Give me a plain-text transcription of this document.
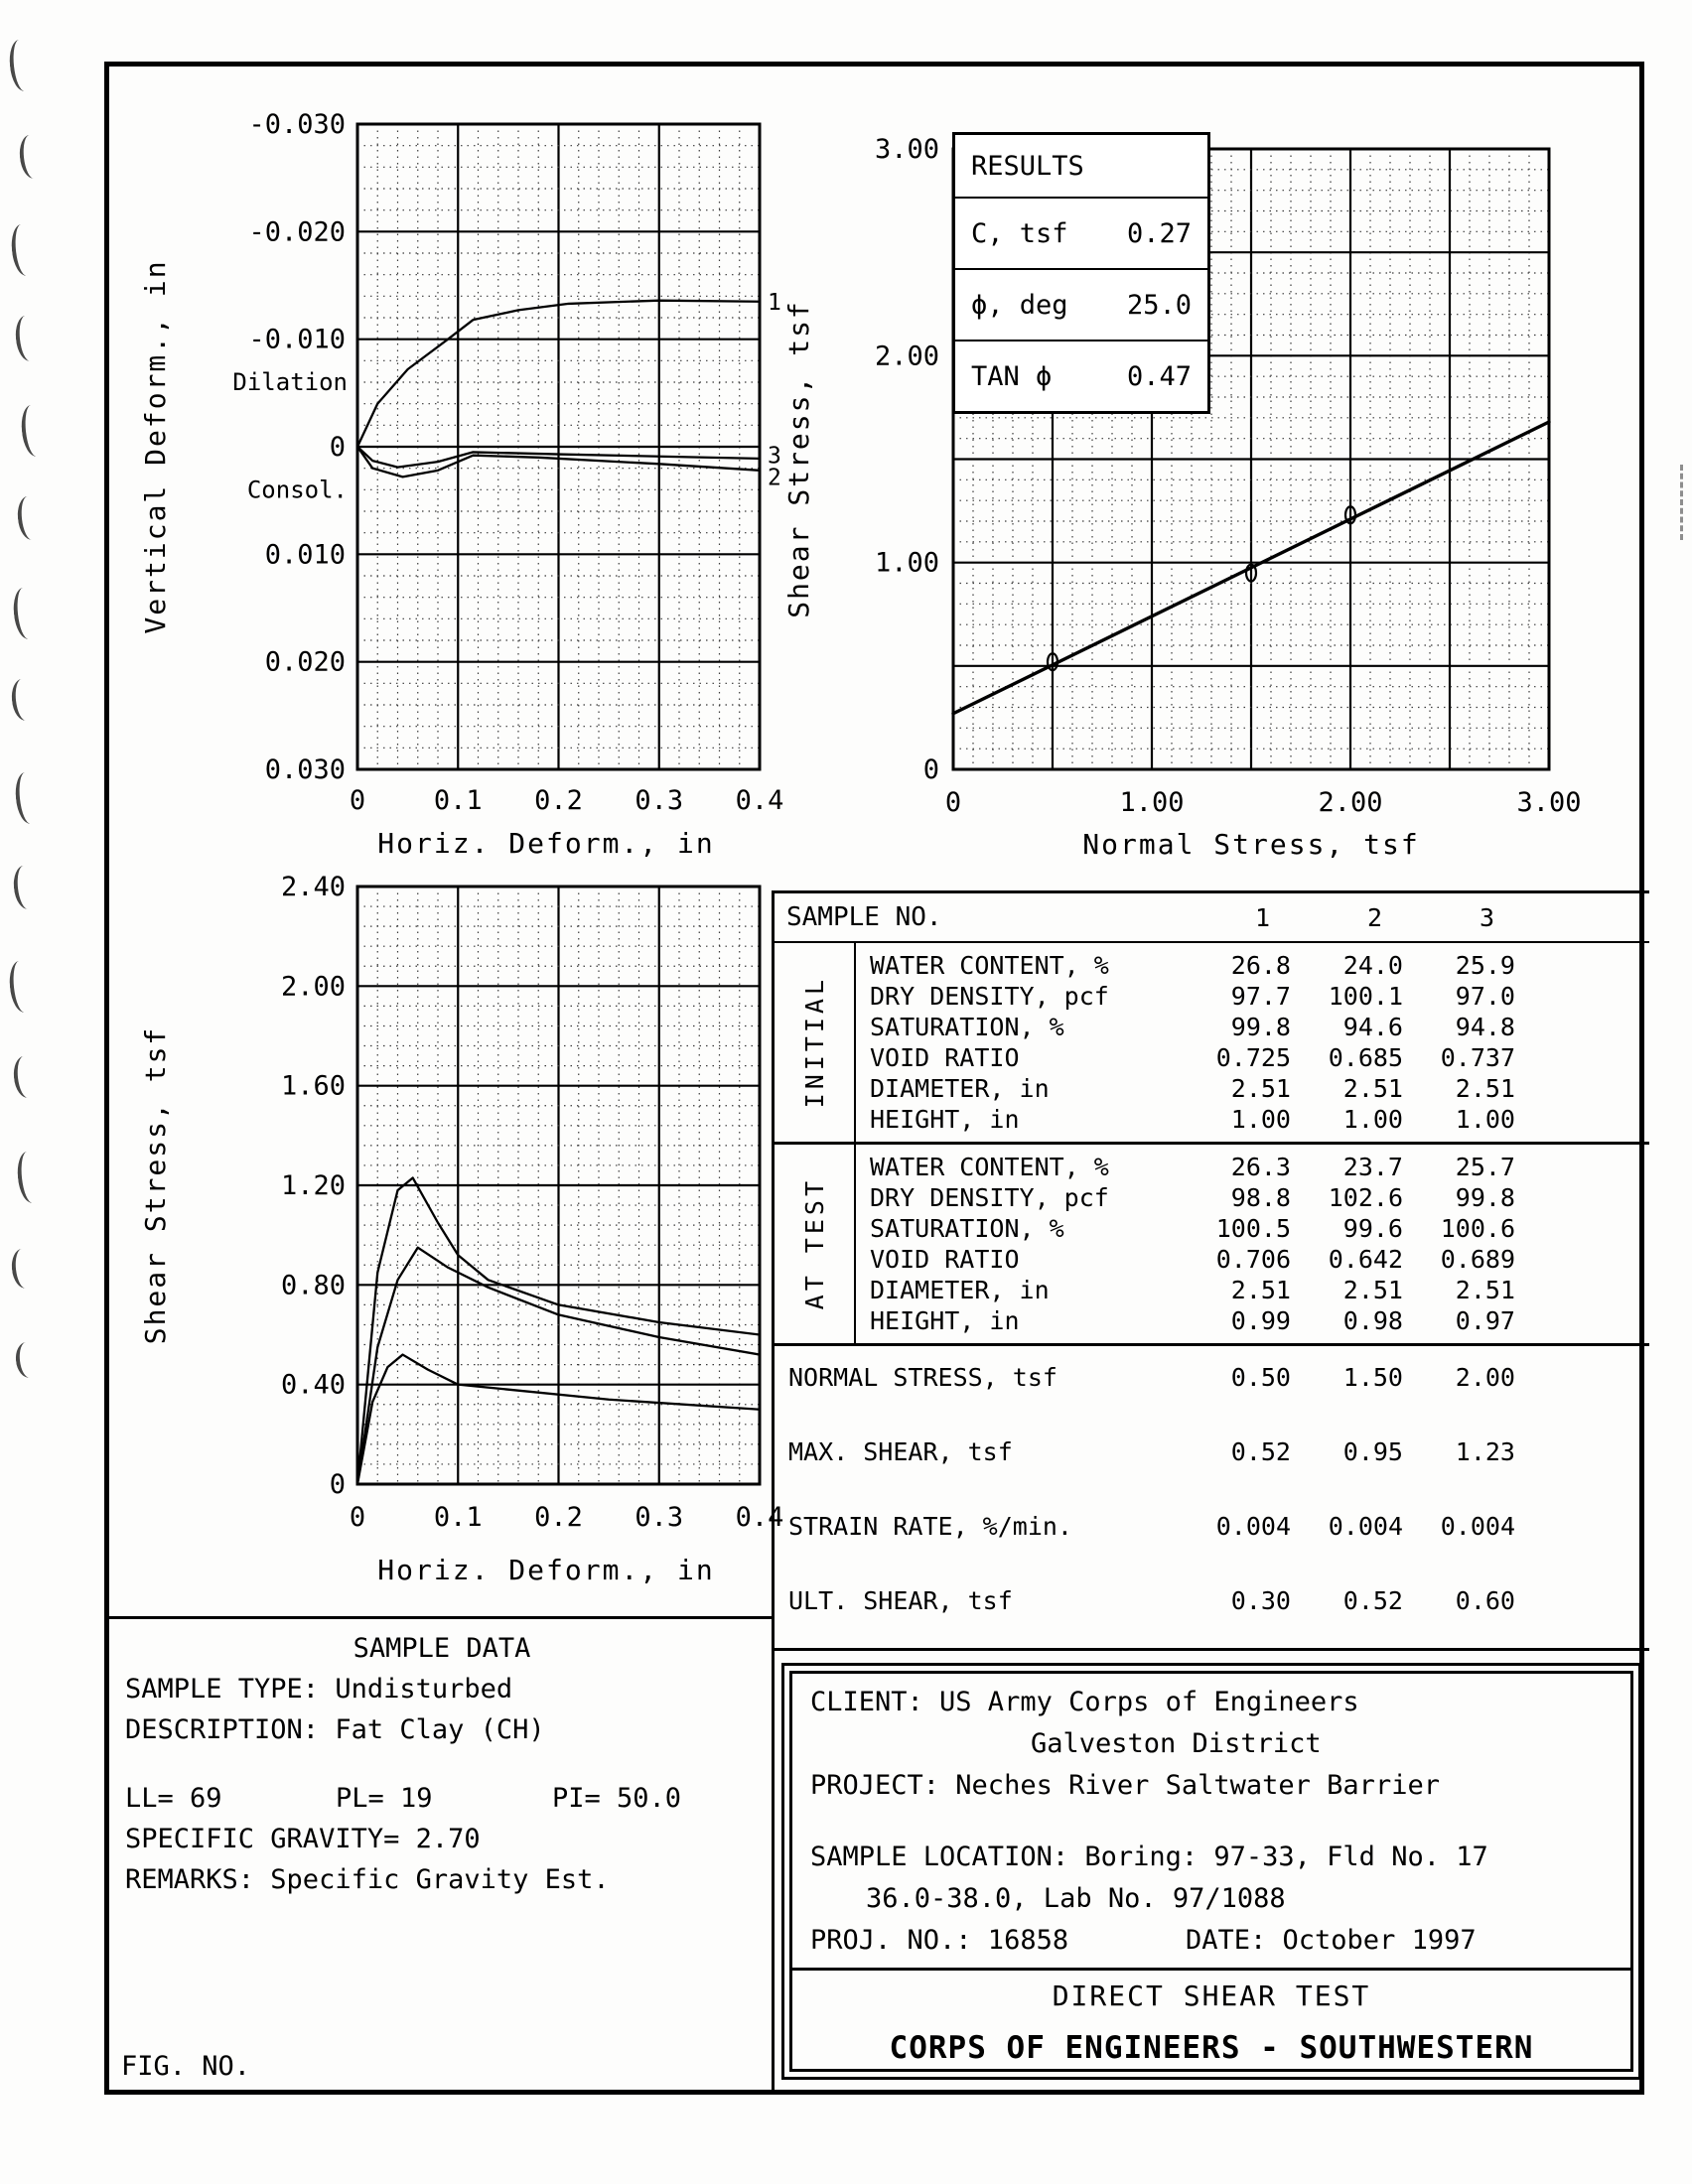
-0.030
-0.020
-0.010
0
0.010
0.020
0.030
0	0.1 0.2 0.3 0.4
Horiz. Deform., in
Vertical Deform., in	Dilation
Consol.
1
2
3
0
1.00
2.00
3.00
0	1.00	2.00	3.00
Normal Stress, tsf
Shear Stress, tsf
RESULTS
C, tsf 0.27
ϕ, deg 25.0
TAN ϕ	0.47
0
0.40
0.80
1.20
1.60
2.00
2.40
0	0.1 0.2 0.3 0.4
Horiz. Deform., in
Shear Stress, tsf
SAMPLE NO.	1	2	3
INITIAL
WATER CONTENT, %	26.8	24.0	25.9
DRY DENSITY, pcf	97.7	100.1	97.0
SATURATION, %	99.8	94.6	94.8
VOID RATIO	0.725	0.685	0.737
DIAMETER, in	2.51	2.51	2.51
HEIGHT, in	1.00	1.00	1.00
AT TEST
WATER CONTENT, %	26.3	23.7	25.7
DRY DENSITY, pcf	98.8	102.6	99.8
SATURATION, %	100.5	99.6	100.6
VOID RATIO	0.706	0.642	0.689
DIAMETER, in	2.51	2.51	2.51
HEIGHT, in	0.99	0.98	0.97
NORMAL STRESS, tsf	0.50	1.50	2.00
MAX. SHEAR, tsf	0.52	0.95	1.23
STRAIN RATE, %/min.	0.004	0.004	0.004
ULT. SHEAR, tsf	0.30	0.52	0.60
SAMPLE DATA
SAMPLE TYPE: Undisturbed
DESCRIPTION: Fat Clay (CH)
LL= 69	PL= 19	PI= 50.0
SPECIFIC GRAVITY= 2.70
REMARKS: Specific Gravity Est.
FIG. NO.
CLIENT: US Army Corps of Engineers
Galveston District
PROJECT: Neches River Saltwater Barrier
SAMPLE LOCATION: Boring: 97-33, Fld No. 17
36.0-38.0, Lab No. 97/1088
PROJ. NO.: 16858	DATE: October 1997
DIRECT SHEAR TEST
CORPS OF ENGINEERS - SOUTHWESTERN
